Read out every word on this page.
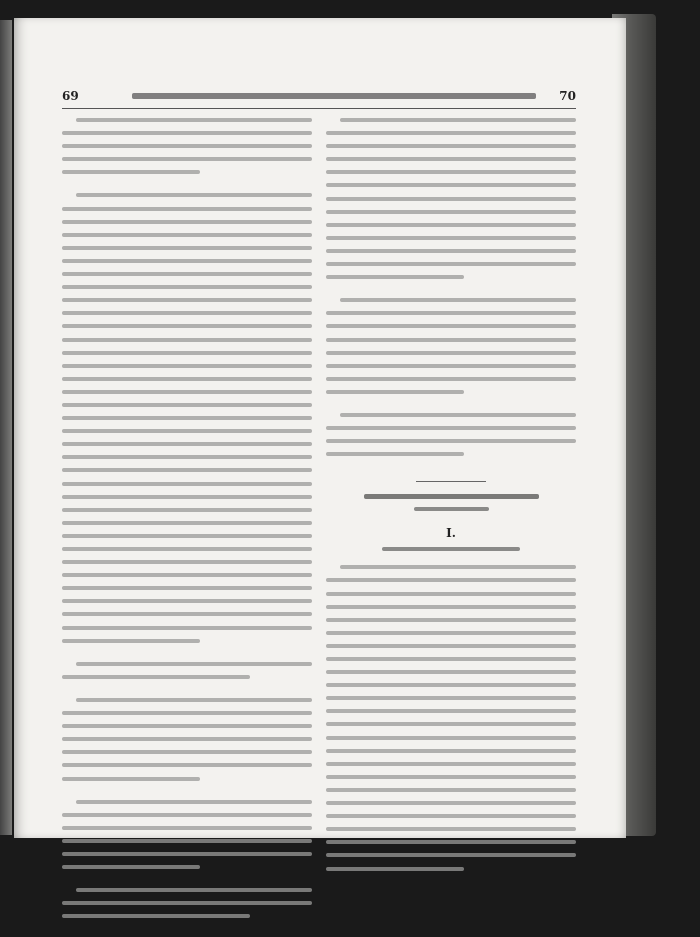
69	70
I.
